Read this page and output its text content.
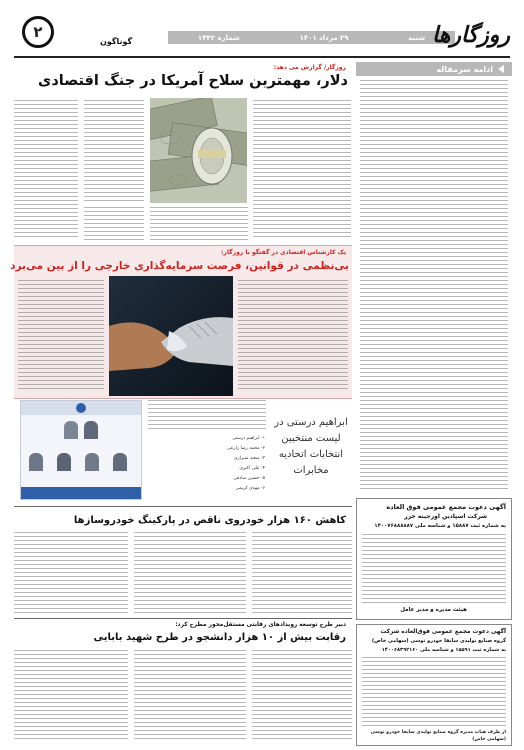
۲
گوناگون	شنبه
۲۹ مرداد ۱۴۰۱
شماره ۱۴۴۲	روزگارها
ادامه سرمقاله
روزگار/ گزارش می دهد:
دلار، مهمترین سلاح آمریکا در جنگ اقتصادی
یک کارشناس اقتصادی در گفتگو با روزگار:
بی‌نظمی در قوانین، فرصت سرمایه‌گذاری خارجی را از بین می‌برد
ابراهیم درستی در لیست منتخبین انتخابات اتحادیه مخابرات
۱- ابراهیم درستی
۲- محمد رضا زارعی
۳- سعید شیرازی
۴- علی اکبری
۵- حسین صادقی
۶- مهدی کریمی
آگهی دعوت مجمع عمومی فوق العاده
شرکت اسپادین اورجینه خزر
به شماره ثبت ۱۵۸۸۷ و شناسه ملی ۱۴۰۰۷۶۸۸۸۸۸۷
هیئت مدیره و مدیر عامل
کاهش ۱۶۰ هزار خودروی ناقص در پارکینگ خودروسازها
دبیر طرح توسعه رویدادهای رقابتی مستقل‌محور مطرح کرد:
رقابت بیش از ۱۰ هزار دانشجو در طرح شهید بابایی	آگهی دعوت مجمع عمومی فوق‌العاده شرکت
گروه صنایع تولیدی سایفا خودرو توسی (سهامی خاص)
به شماره ثبت ۱۵۵۹۱ و شناسه ملی ۱۴۰۰۶۸۳۹۲۱۶۰
از طرف هیات مدیره گروه صنایع تولیدی سایفا خودرو توسی (سهامی خاص)
